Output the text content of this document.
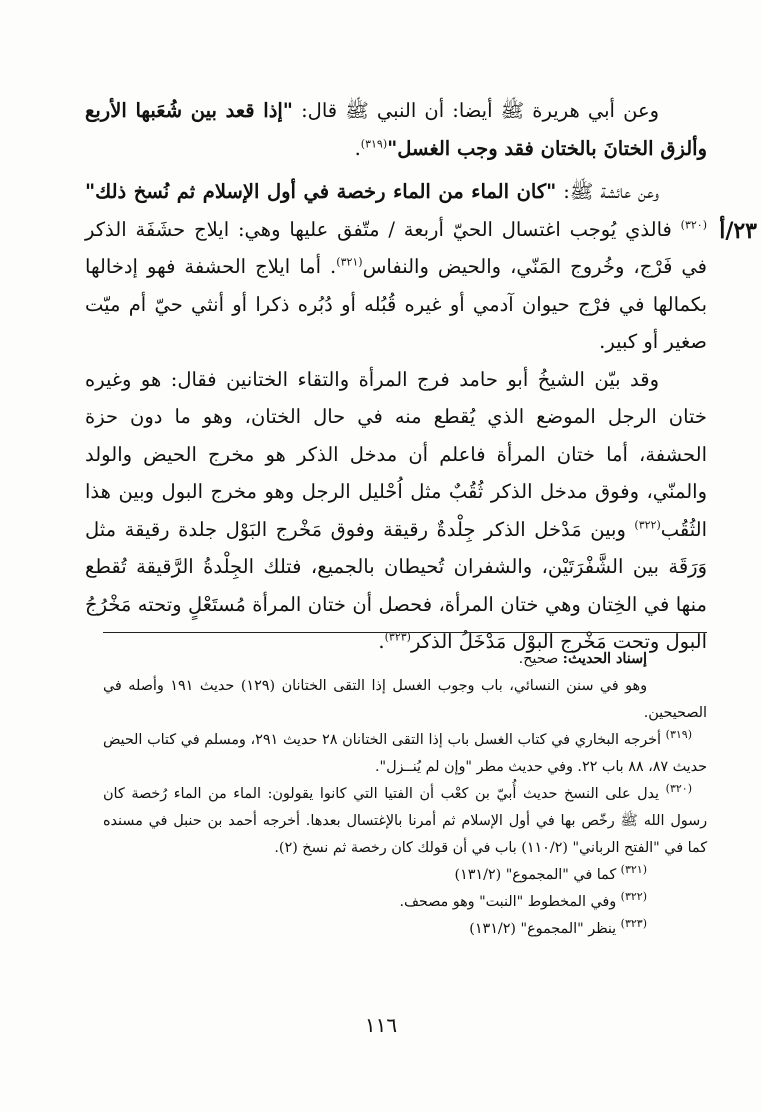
٢٣/أ

وعن أبي هريرة ﷺ أيضا: أن النبي ﷺ قال: "إذا قعد بين شُعَبها الأربع وألزق الختانَ بالختان فقد وجب الغسل"$^{(٣١٩)}$.

وعن عائشة ﷺ: "كان الماء من الماء رخصة في أول الإسلام ثم نُسخ ذلك"$^{(٣٢٠)}$ فالذي يُوجب اغتسال الحيّ أربعة / متّفق عليها وهي: ايلاج حشَفَة الذكر في فَرْج، وخُروج المَنّي، والحيض والنفاس$^{(٣٢١)}$. أما ايلاج الحشفة فهو إدخالها بكمالها في فرْج حيوان آدمي أو غيره قُبُله أو دُبُره ذكرا أو أنثي حيّ أم ميّت صغير أو كبير.

وقد بيّن الشيخُ أبو حامد فرج المرأة والتقاء الختانين فقال: هو وغيره ختان الرجل الموضع الذي يُقطع منه في حال الختان، وهو ما دون حزة الحشفة، أما ختان المرأة فاعلم أن مدخل الذكر هو مخرج الحيض والولد والمنّي، وفوق مدخل الذكر ثُقُبٌ مثل اُحْليل الرجل وهو مخرج البول وبين هذا الثُقُب$^{(٣٢٢)}$ وبين مَدْخل الذكر جِلْدةٌ رقيقة وفوق مَخْرج البَوْل جلدة رقيقة مثل وَرَقَة بين الشَّفْرَتَيْن، والشفران تُحيطان بالجميع، فتلك الجِلْدةُ الرَّقيقة تُقطع منها في الخِتان وهي ختان المرأة، فحصل أن ختان المرأة مُستَعْلٍ وتحته مَخْرُجُ البول وتحت مَخْرج البوْل مَدْخَلُ الذكر$^{(٣٢٣)}$.

إسناد الحديث: صحيح.

وهو في سنن النسائي، باب وجوب الغسل إذا التقى الختانان (١٢٩) حديث ١٩١ وأصله في الصحيحين.

$^{(٣١٩)}$ أخرجه البخاري في كتاب الغسل باب إذا التقى الختانان ٢٨ حديث ٢٩١، ومسلم في كتاب الحيض حديث ٨٧، ٨٨ باب ٢٢. وفي حديث مطر "وإن لم يُنــزل".

$^{(٣٢٠)}$ يدل على النسخ حديث أُبيّ بن كعْب أن الفتيا التي كانوا يقولون: الماء من الماء رُخصة كان رسول الله ﷺ رخّص بها في أول الإسلام ثم أمرنا بالإغتسال بعدها. أخرجه أحمد بن حنبل في مسنده كما في "الفتح الرباني" (١١٠/٢) باب في أن قولك كان رخصة ثم نسخ (٢).

$^{(٣٢١)}$ كما في "المجموع" (١٣١/٢)

$^{(٣٢٢)}$ وفي المخطوط "النبت" وهو مصحف.

$^{(٣٢٣)}$ ينظر "المجموع" (١٣١/٢)

١١٦
